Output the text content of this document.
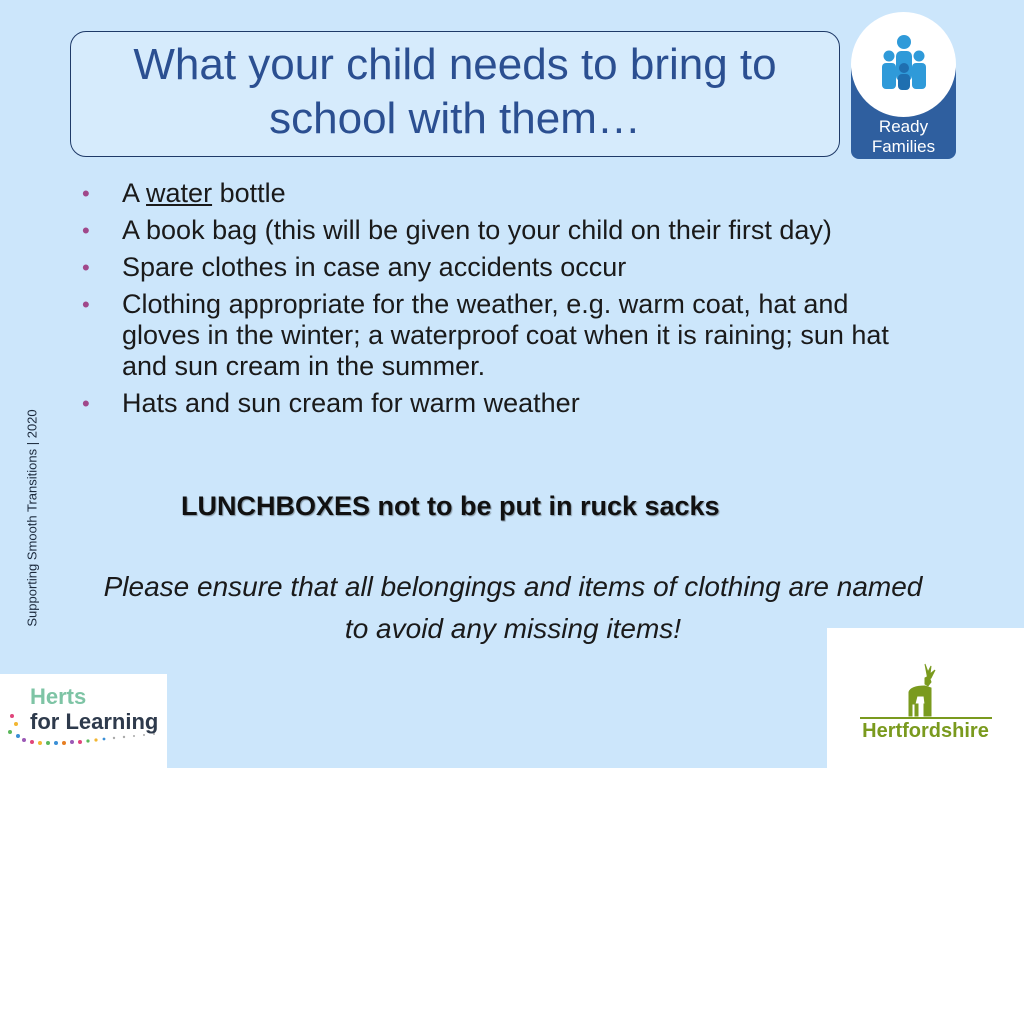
What your child needs to bring to school with them…	Ready
Families
Supporting Smooth Transitions | 2020
• A water bottle
• A book bag (this will be given to your child on their first day)
• Spare clothes in case any accidents occur
• Clothing appropriate for the weather, e.g. warm coat, hat and gloves in the winter; a waterproof coat when it is raining; sun hat and sun cream in the summer.
• Hats and sun cream for warm weather
LUNCHBOXES not to be put in ruck sacks
Please ensure that all belongings and items of clothing are named to avoid any missing items!
Herts
for Learning	Hertfordshire
